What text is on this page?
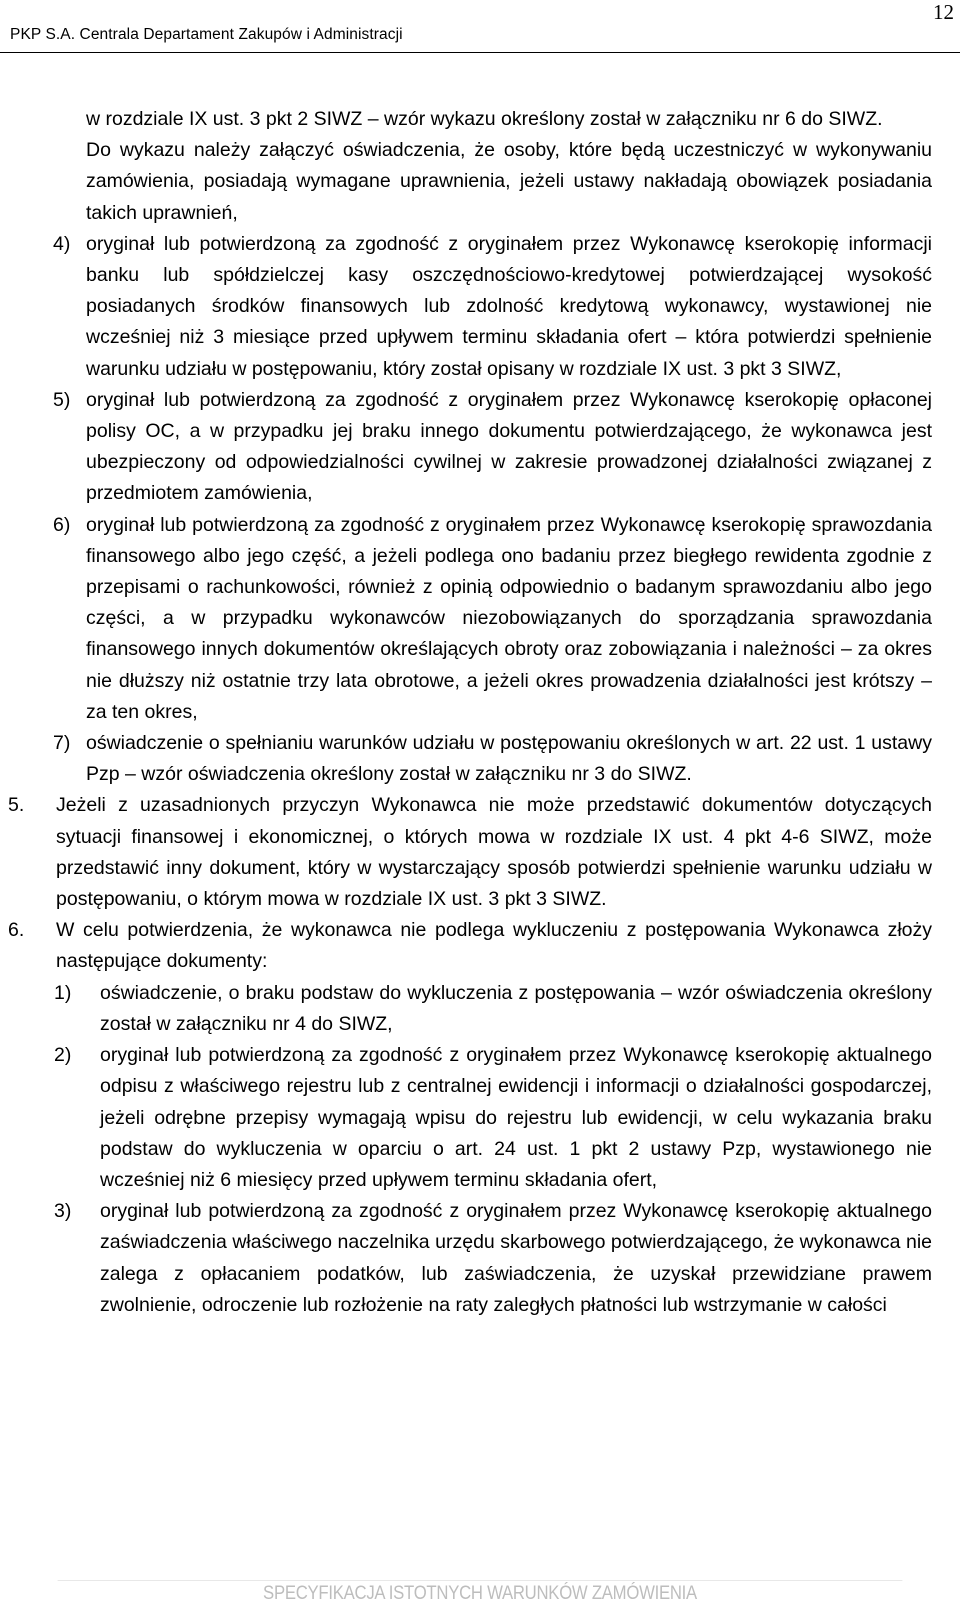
PKP S.A. Centrala Departament Zakupów i Administracji
12
w rozdziale IX ust. 3 pkt 2 SIWZ – wzór wykazu określony został w załączniku nr 6 do SIWZ.
Do wykazu należy załączyć oświadczenia, że osoby, które będą uczestniczyć w wykonywaniu zamówienia, posiadają wymagane uprawnienia, jeżeli ustawy nakładają obowiązek posiadania takich uprawnień,
4) oryginał lub potwierdzoną za zgodność z oryginałem przez Wykonawcę kserokopię informacji banku lub spółdzielczej kasy oszczędnościowo-kredytowej potwierdzającej wysokość posiadanych środków finansowych lub zdolność kredytową wykonawcy, wystawionej nie wcześniej niż 3 miesiące przed upływem terminu składania ofert – która potwierdzi spełnienie warunku udziału w postępowaniu, który został opisany w rozdziale IX ust. 3 pkt 3 SIWZ,
5) oryginał lub potwierdzoną za zgodność z oryginałem przez Wykonawcę kserokopię opłaconej polisy OC, a w przypadku jej braku innego dokumentu potwierdzającego, że wykonawca jest ubezpieczony od odpowiedzialności cywilnej w zakresie prowadzonej działalności związanej z przedmiotem zamówienia,
6) oryginał lub potwierdzoną za zgodność z oryginałem przez Wykonawcę kserokopię sprawozdania finansowego albo jego część, a jeżeli podlega ono badaniu przez biegłego rewidenta zgodnie z przepisami o rachunkowości, również z opinią odpowiednio o badanym sprawozdaniu albo jego części, a w przypadku wykonawców niezobowiązanych do sporządzania sprawozdania finansowego innych dokumentów określających obroty oraz zobowiązania i należności – za okres nie dłuższy niż ostatnie trzy lata obrotowe, a jeżeli okres prowadzenia działalności jest krótszy – za ten okres,
7) oświadczenie o spełnianiu warunków udziału w postępowaniu określonych w art. 22 ust. 1 ustawy Pzp – wzór oświadczenia określony został w załączniku nr 3 do SIWZ.
5. Jeżeli z uzasadnionych przyczyn Wykonawca nie może przedstawić dokumentów dotyczących sytuacji finansowej i ekonomicznej, o których mowa w rozdziale IX ust. 4 pkt 4-6 SIWZ, może przedstawić inny dokument, który w wystarczający sposób potwierdzi spełnienie warunku udziału w postępowaniu, o którym mowa w rozdziale IX ust. 3 pkt 3 SIWZ.
6. W celu potwierdzenia, że wykonawca nie podlega wykluczeniu z postępowania Wykonawca złoży następujące dokumenty:
1) oświadczenie, o braku podstaw do wykluczenia z postępowania – wzór oświadczenia określony został w załączniku nr 4 do SIWZ,
2) oryginał lub potwierdzoną za zgodność z oryginałem przez Wykonawcę kserokopię aktualnego odpisu z właściwego rejestru lub z centralnej ewidencji i informacji o działalności gospodarczej, jeżeli odrębne przepisy wymagają wpisu do rejestru lub ewidencji, w celu wykazania braku podstaw do wykluczenia w oparciu o art. 24 ust. 1 pkt 2 ustawy Pzp, wystawionego nie wcześniej niż 6 miesięcy przed upływem terminu składania ofert,
3) oryginał lub potwierdzoną za zgodność z oryginałem przez Wykonawcę kserokopię aktualnego zaświadczenia właściwego naczelnika urzędu skarbowego potwierdzającego, że wykonawca nie zalega z opłacaniem podatków, lub zaświadczenia, że uzyskał przewidziane prawem zwolnienie, odroczenie lub rozłożenie na raty zaległych płatności lub wstrzymanie w całości
SPECYFIKACJA ISTOTNYCH WARUNKÓW ZAMÓWIENIA
